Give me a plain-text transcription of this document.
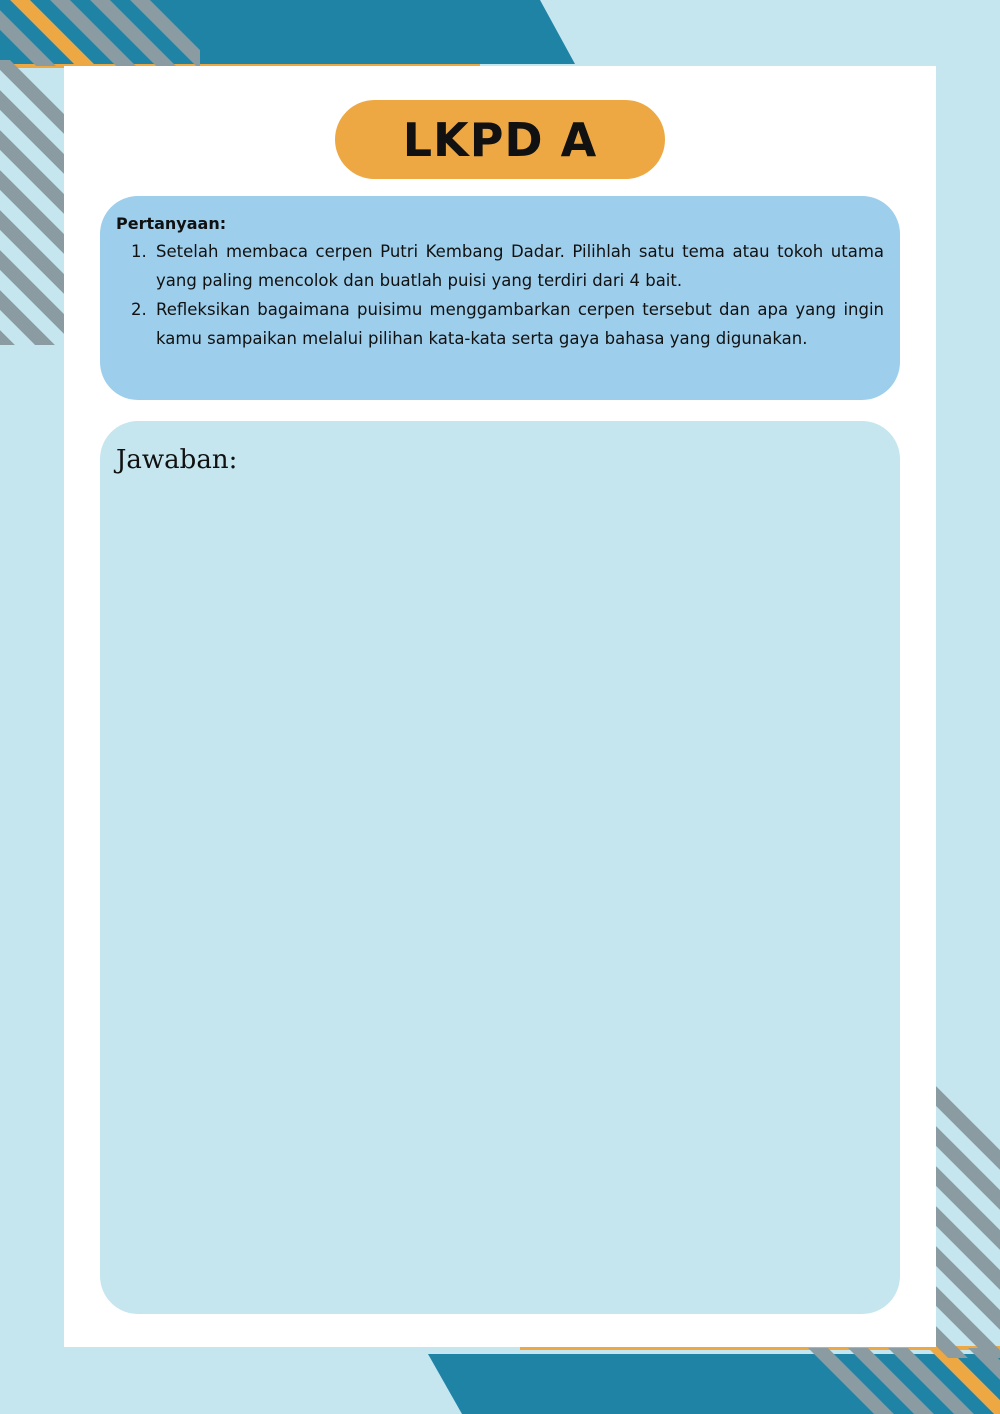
LKPD A
Pertanyaan:
1. Setelah membaca cerpen Putri Kembang Dadar. Pilihlah satu tema atau tokoh utama yang paling mencolok dan buatlah puisi yang terdiri dari 4 bait.
2. Refleksikan bagaimana puisimu menggambarkan cerpen tersebut dan apa yang ingin kamu sampaikan melalui pilihan kata-kata serta gaya bahasa yang digunakan.
Jawaban:
